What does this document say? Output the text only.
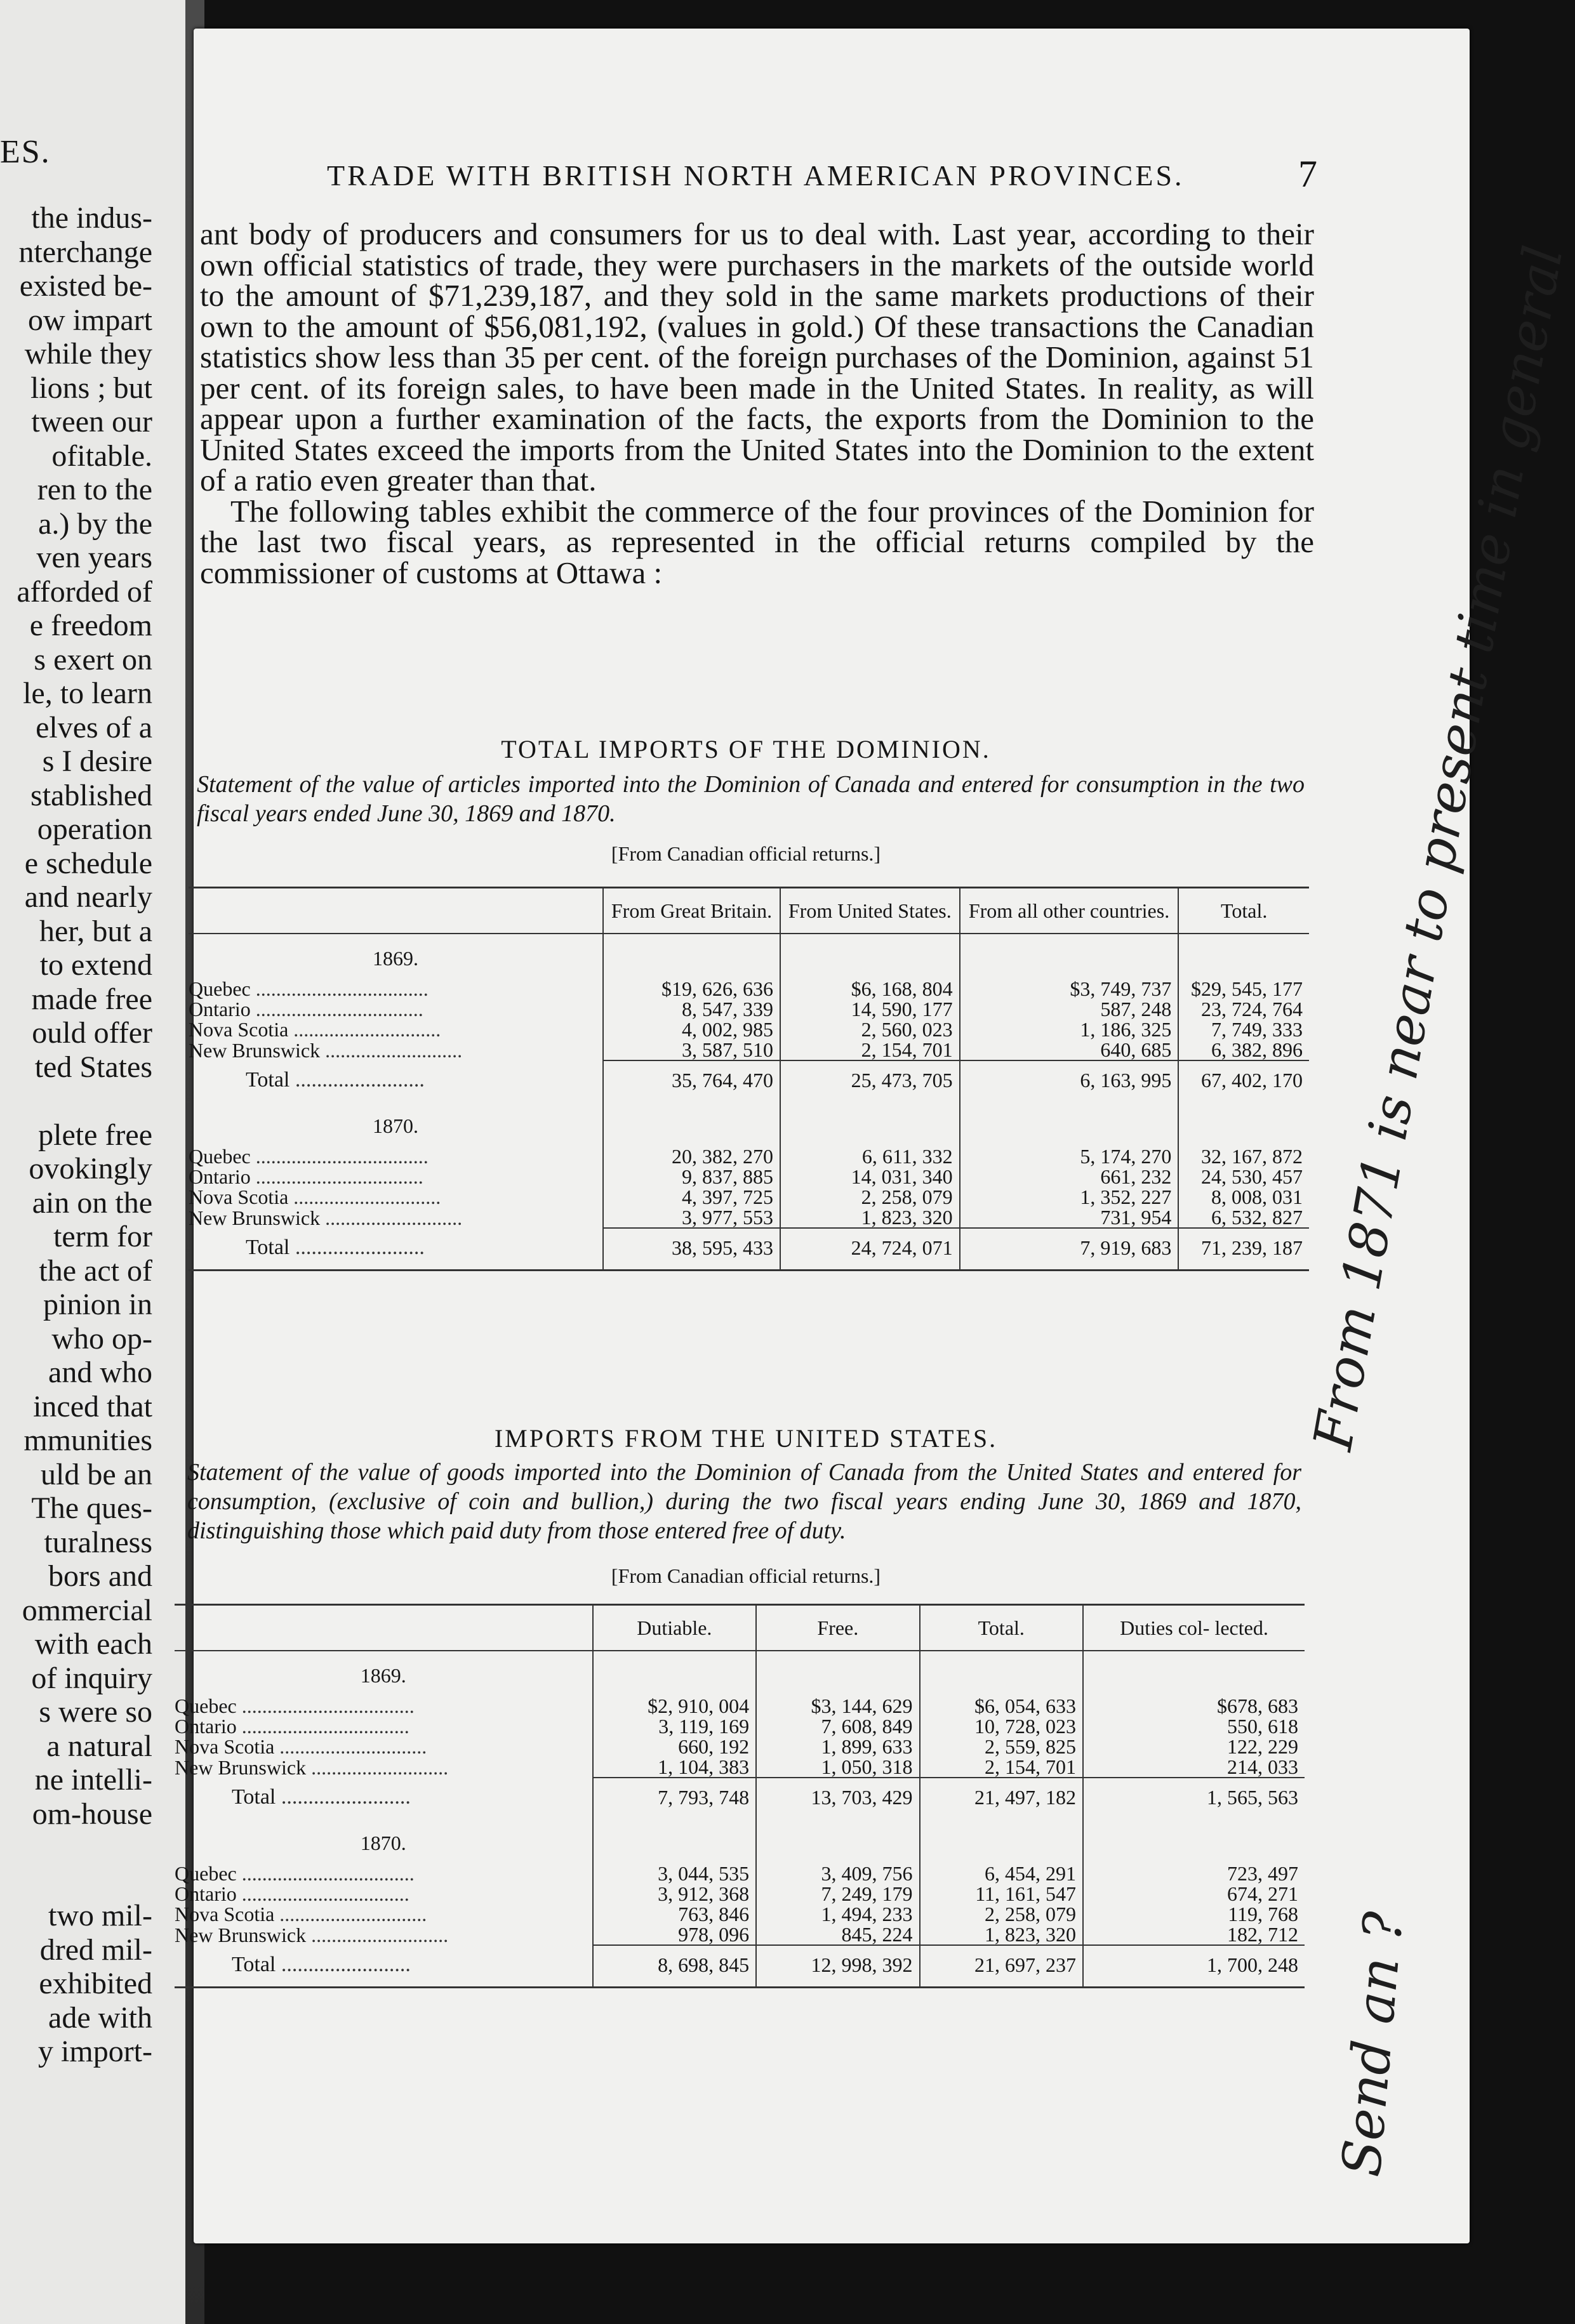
ES.
the indus-
nterchange
existed be-
ow impart
while they
lions ; but
tween our
ofitable.
ren to the
a.) by the
ven years
afforded of
e freedom
s exert on
le, to learn
elves of a
s I desire
stablished
operation
e schedule
and nearly
her, but a
to extend
made free
ould offer
ted States
plete free
ovokingly
ain on the
term for
the act of
pinion in
who op-
and who
inced that
mmunities
uld be an
The ques-
turalness
bors and
ommercial
with each
of inquiry
s were so
a natural
ne intelli-
om-house
two mil-
dred mil-
exhibited
ade with
y import-
TRADE WITH BRITISH NORTH AMERICAN PROVINCES.	7

ant body of producers and consumers for us to deal with. Last year, according to their own official statistics of trade, they were purchasers in the markets of the outside world to the amount of $71,239,187, and they sold in the same markets productions of their own to the amount of $56,081,192, (values in gold.) Of these transactions the Canadian statistics show less than 35 per cent. of the foreign purchases of the Dominion, against 51 per cent. of its foreign sales, to have been made in the United States. In reality, as will appear upon a further examination of the facts, the exports from the Dominion to the United States exceed the imports from the United States into the Dominion to the extent of a ratio even greater than that.

The following tables exhibit the commerce of the four provinces of the Dominion for the last two fiscal years, as represented in the official returns compiled by the commissioner of customs at Ottawa :

TOTAL IMPORTS OF THE DOMINION.
Statement of the value of articles imported into the Dominion of Canada and entered for consumption in the two fiscal years ended June 30, 1869 and 1870.
[From Canadian official returns.]
	From Great Britain.	From United States.	From all other countries.	Total.
1869.				
Quebec ..................................	$19, 626, 636	$6, 168, 804	$3, 749, 737	$29, 545, 177
Ontario .................................	8, 547, 339	14, 590, 177	587, 248	23, 724, 764
Nova Scotia .............................	4, 002, 985	2, 560, 023	1, 186, 325	7, 749, 333
New Brunswick ...........................	3, 587, 510	2, 154, 701	640, 685	6, 382, 896
Total ........................	35, 764, 470	25, 473, 705	6, 163, 995	67, 402, 170
1870.				
Quebec ..................................	20, 382, 270	6, 611, 332	5, 174, 270	32, 167, 872
Ontario .................................	9, 837, 885	14, 031, 340	661, 232	24, 530, 457
Nova Scotia .............................	4, 397, 725	2, 258, 079	1, 352, 227	8, 008, 031
New Brunswick ...........................	3, 977, 553	1, 823, 320	731, 954	6, 532, 827
Total ........................	38, 595, 433	24, 724, 071	7, 919, 683	71, 239, 187
IMPORTS FROM THE UNITED STATES.
Statement of the value of goods imported into the Dominion of Canada from the United States and entered for consumption, (exclusive of coin and bullion,) during the two fiscal years ending June 30, 1869 and 1870, distinguishing those which paid duty from those entered free of duty.
[From Canadian official returns.]
	Dutiable.	Free.	Total.	Duties col- lected.
1869.				
Quebec ..................................	$2, 910, 004	$3, 144, 629	$6, 054, 633	$678, 683
Ontario .................................	3, 119, 169	7, 608, 849	10, 728, 023	550, 618
Nova Scotia .............................	660, 192	1, 899, 633	2, 559, 825	122, 229
New Brunswick ...........................	1, 104, 383	1, 050, 318	2, 154, 701	214, 033
Total ........................	7, 793, 748	13, 703, 429	21, 497, 182	1, 565, 563
1870.				
Quebec ..................................	3, 044, 535	3, 409, 756	6, 454, 291	723, 497
Ontario .................................	3, 912, 368	7, 249, 179	11, 161, 547	674, 271
Nova Scotia .............................	763, 846	1, 494, 233	2, 258, 079	119, 768
New Brunswick ...........................	978, 096	845, 224	1, 823, 320	182, 712
Total ........................	8, 698, 845	12, 998, 392	21, 697, 237	1, 700, 248
From 1871 is near to present time in general
Send an ?
